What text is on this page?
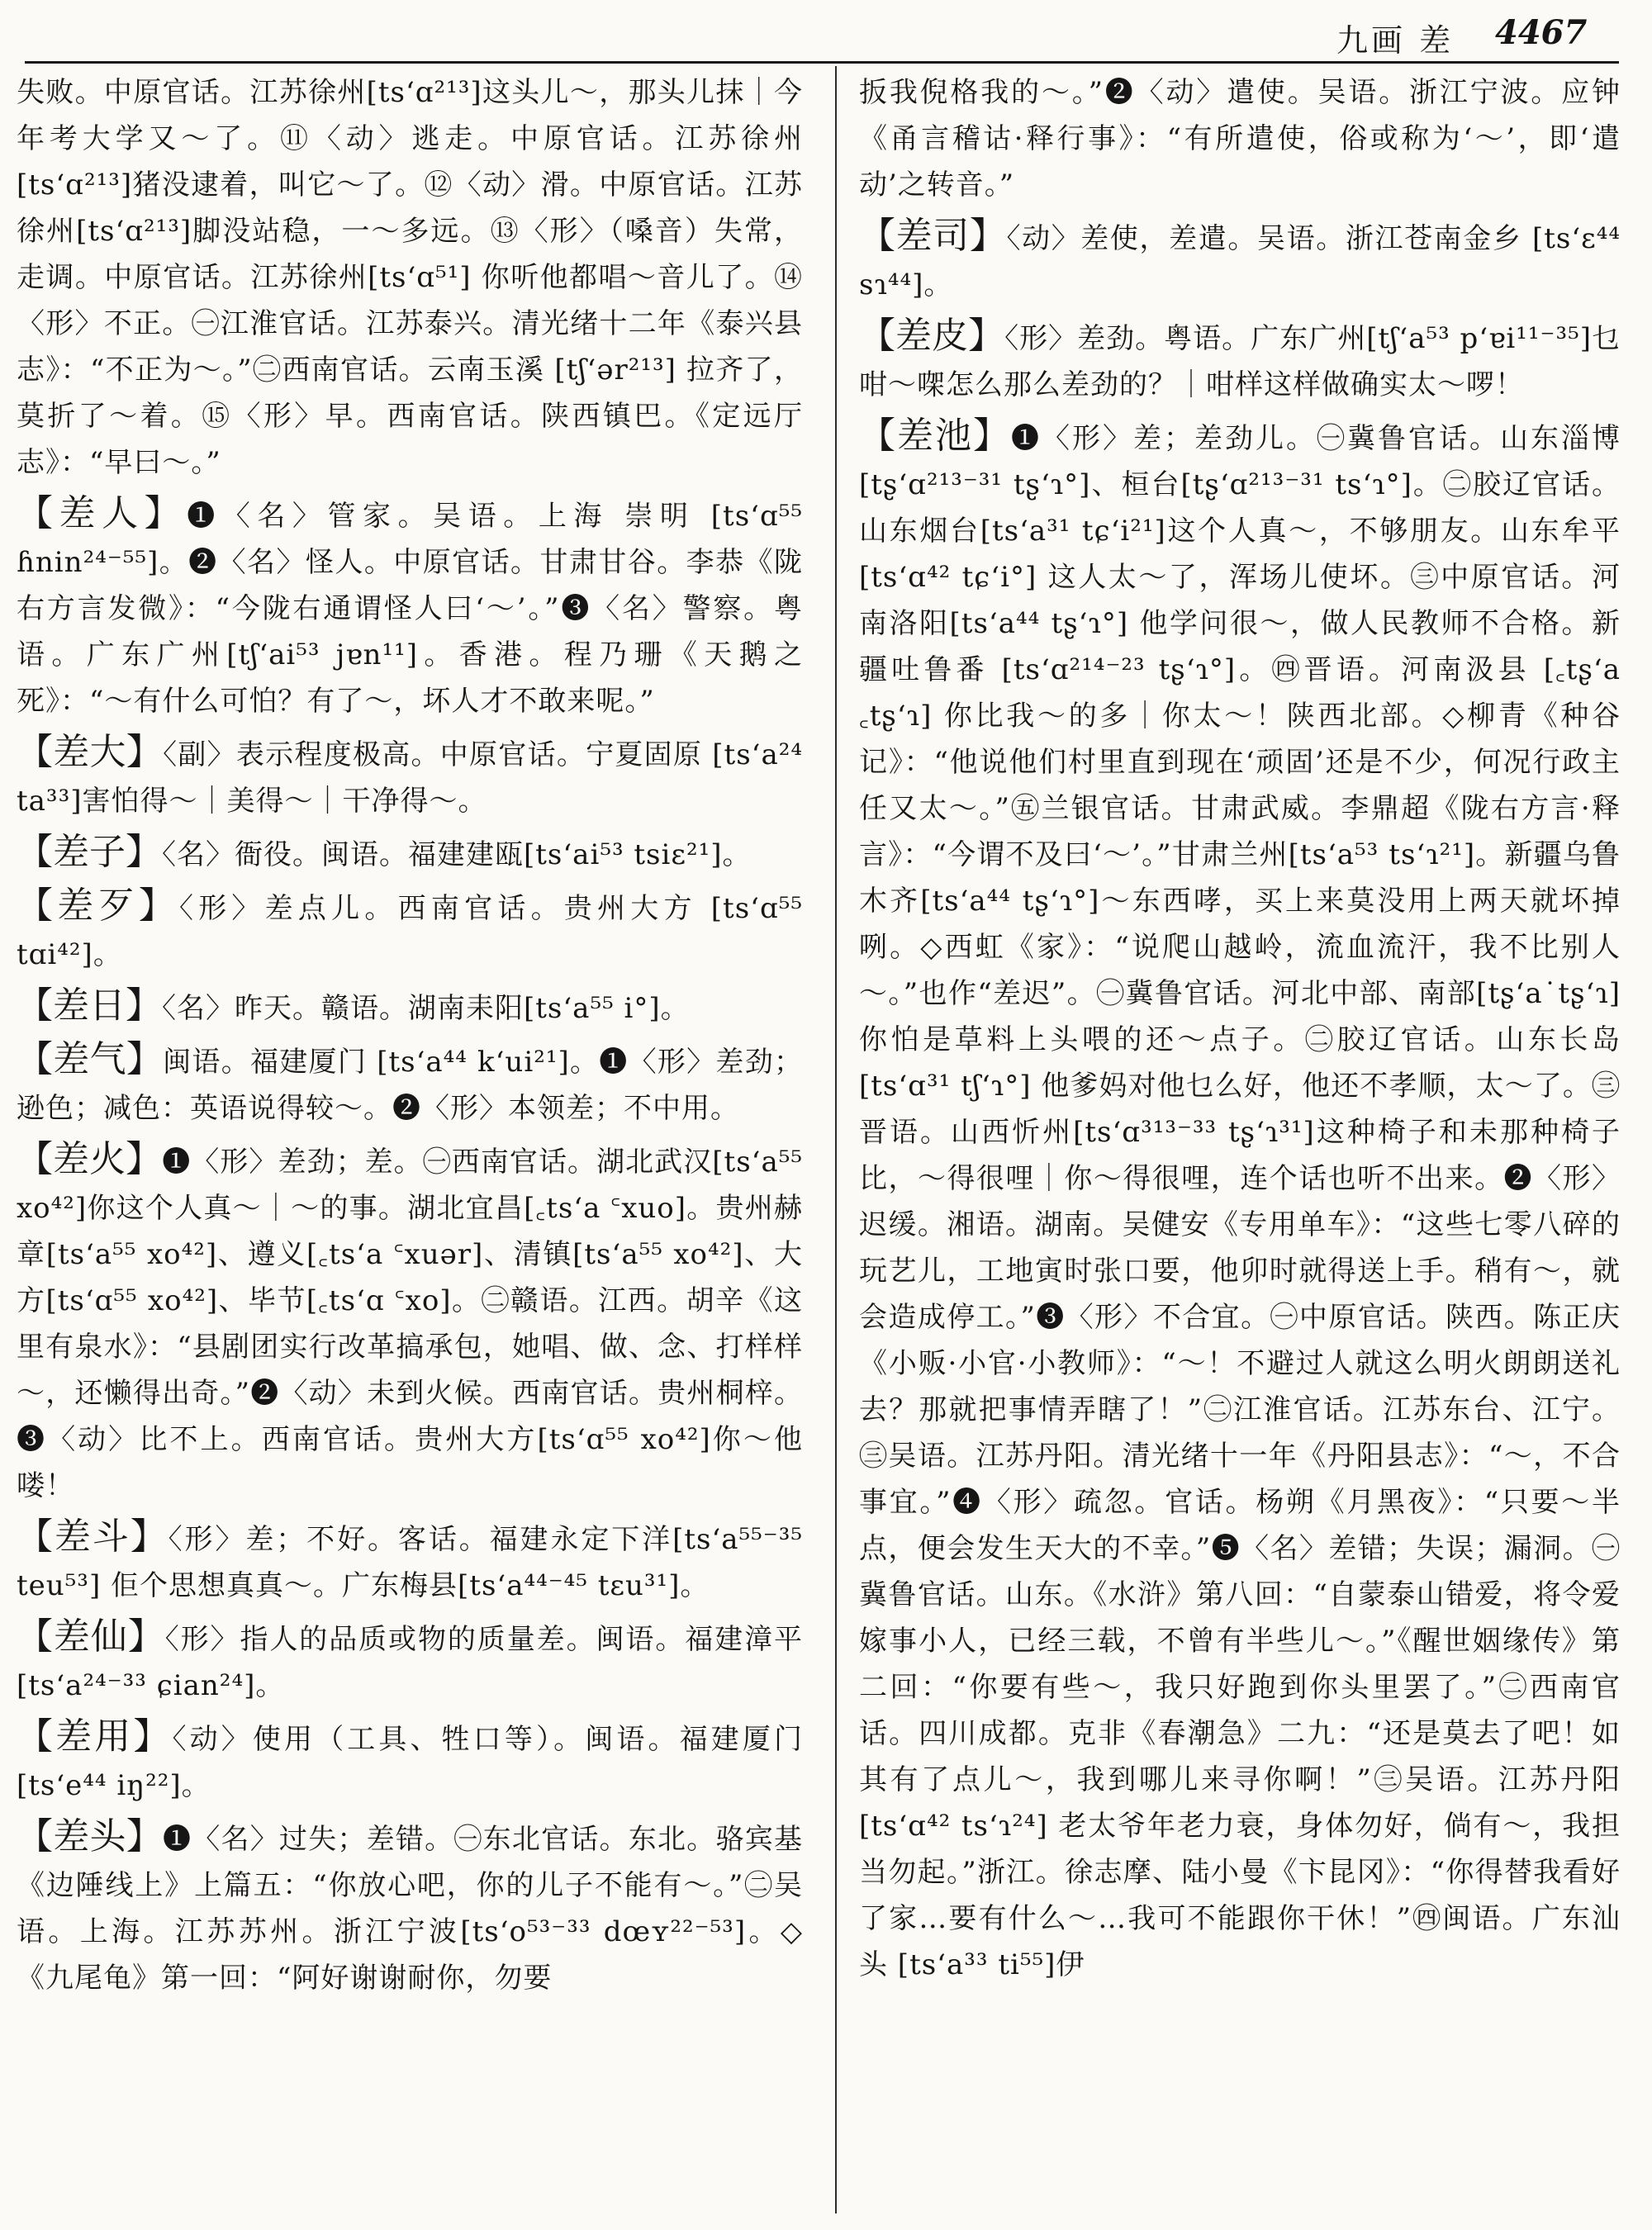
九画 差 4467

失败。中原官话。江苏徐州[tsʻɑ²¹³]这头儿～，那头儿抹｜今年考大学又～了。⑪〈动〉逃走。中原官话。江苏徐州[tsʻɑ²¹³]猪没逮着，叫它～了。⑫〈动〉滑。中原官话。江苏徐州[tsʻɑ²¹³]脚没站稳，一～多远。⑬〈形〉（嗓音）失常，走调。中原官话。江苏徐州[tsʻɑ⁵¹] 你听他都唱～音儿了。⑭〈形〉不正。㊀江淮官话。江苏泰兴。清光绪十二年《泰兴县志》：“不正为～。”㊁西南官话。云南玉溪 [tʃʻər²¹³] 拉齐了，莫折了～着。⑮〈形〉早。西南官话。陕西镇巴。《定远厅志》：“早曰～。”

【差人】❶〈名〉管家。吴语。上海 崇明 [tsʻɑ⁵⁵ ɦnin²⁴⁻⁵⁵]。❷〈名〉怪人。中原官话。甘肃甘谷。李恭《陇右方言发微》：“今陇右通谓怪人曰‘～’。”❸〈名〉警察。粤语。广东广州[tʃʻai⁵³ jɐn¹¹]。香港。程乃珊《天鹅之死》：“～有什么可怕？有了～，坏人才不敢来呢。”

【差大】〈副〉表示程度极高。中原官话。宁夏固原 [tsʻa²⁴ ta³³]害怕得～｜美得～｜干净得～。

【差子】〈名〉衙役。闽语。福建建瓯[tsʻai⁵³ tsiɛ²¹]。

【差歹】〈形〉差点儿。西南官话。贵州大方 [tsʻɑ⁵⁵ tɑi⁴²]。

【差日】〈名〉昨天。赣语。湖南耒阳[tsʻa⁵⁵ i°]。

【差气】闽语。福建厦门 [tsʻa⁴⁴ kʻui²¹]。❶〈形〉差劲；逊色；减色：英语说得较～。❷〈形〉本领差；不中用。

【差火】❶〈形〉差劲；差。㊀西南官话。湖北武汉[tsʻa⁵⁵ xo⁴²]你这个人真～｜～的事。湖北宜昌[꜀tsʻa ꜂xuo]。贵州赫章[tsʻa⁵⁵ xo⁴²]、遵义[꜀tsʻa ꜂xuər]、清镇[tsʻa⁵⁵ xo⁴²]、大方[tsʻɑ⁵⁵ xo⁴²]、毕节[꜀tsʻɑ ꜂xo]。㊁赣语。江西。胡辛《这里有泉水》：“县剧团实行改革搞承包，她唱、做、念、打样样～，还懒得出奇。”❷〈动〉未到火候。西南官话。贵州桐梓。❸〈动〉比不上。西南官话。贵州大方[tsʻɑ⁵⁵ xo⁴²]你～他喽！

【差斗】〈形〉差；不好。客话。福建永定下洋[tsʻa⁵⁵⁻³⁵ teu⁵³] 佢个思想真真～。广东梅县[tsʻa⁴⁴⁻⁴⁵ tɛu³¹]。

【差仙】〈形〉指人的品质或物的质量差。闽语。福建漳平[tsʻa²⁴⁻³³ ɕian²⁴]。

【差用】〈动〉使用（工具、牲口等）。闽语。福建厦门 [tsʻe⁴⁴ iŋ²²]。

【差头】❶〈名〉过失；差错。㊀东北官话。东北。骆宾基《边陲线上》上篇五：“你放心吧，你的儿子不能有～。”㊁吴语。上海。江苏苏州。浙江宁波[tsʻo⁵³⁻³³ dœʏ²²⁻⁵³]。◇《九尾龟》第一回：“阿好谢谢耐你，勿要

扳我倪格我的～。”❷〈动〉遣使。吴语。浙江宁波。应钟《甬言稽诂·释行事》：“有所遣使，俗或称为‘～’，即‘遣动’之转音。”

【差司】〈动〉差使，差遣。吴语。浙江苍南金乡 [tsʻɛ⁴⁴ sɿ⁴⁴]。

【差皮】〈形〉差劲。粤语。广东广州[tʃʻa⁵³ pʻɐi¹¹⁻³⁵]乜咁～㗎怎么那么差劲的？｜咁样这样做确实太～啰！

【差池】❶〈形〉差；差劲儿。㊀冀鲁官话。山东淄博[tʂʻɑ²¹³⁻³¹ tʂʻɿ°]、桓台[tʂʻɑ²¹³⁻³¹ tsʻɿ°]。㊁胶辽官话。山东烟台[tsʻa³¹ tɕʻi²¹]这个人真～，不够朋友。山东牟平[tsʻɑ⁴² tɕʻi°] 这人太～了，浑场儿使坏。㊂中原官话。河南洛阳[tsʻa⁴⁴ tʂʻɿ°] 他学问很～，做人民教师不合格。新疆吐鲁番 [tsʻɑ²¹⁴⁻²³ tʂʻɿ°]。㊃晋语。河南汲县 [꜀tʂʻa ꜀tʂʻɿ] 你比我～的多｜你太～！陕西北部。◇柳青《种谷记》：“他说他们村里直到现在‘顽固’还是不少，何况行政主任又太～。”㊄兰银官话。甘肃武威。李鼎超《陇右方言·释言》：“今谓不及曰‘～’。”甘肃兰州[tsʻa⁵³ tsʻɿ²¹]。新疆乌鲁木齐[tsʻa⁴⁴ tʂʻɿ°]～东西哮，买上来莫没用上两天就坏掉咧。◇西虹《家》：“说爬山越岭，流血流汗，我不比别人～。”也作“差迟”。㊀冀鲁官话。河北中部、南部[tʂʻa˙tʂʻɿ]你怕是草料上头喂的还～点子。㊁胶辽官话。山东长岛[tsʻɑ³¹ tʃʻɿ°] 他爹妈对他乜么好，他还不孝顺，太～了。㊂晋语。山西忻州[tsʻɑ³¹³⁻³³ tʂʻɿ³¹]这种椅子和未那种椅子比，～得很哩｜你～得很哩，连个话也听不出来。❷〈形〉迟缓。湘语。湖南。吴健安《专用单车》：“这些七零八碎的玩艺儿，工地寅时张口要，他卯时就得送上手。稍有～，就会造成停工。”❸〈形〉不合宜。㊀中原官话。陕西。陈正庆《小贩·小官·小教师》：“～！不避过人就这么明火朗朗送礼去？那就把事情弄瞎了！”㊁江淮官话。江苏东台、江宁。㊂吴语。江苏丹阳。清光绪十一年《丹阳县志》：“～，不合事宜。”❹〈形〉疏忽。官话。杨朔《月黑夜》：“只要～半点，便会发生天大的不幸。”❺〈名〉差错；失误；漏洞。㊀冀鲁官话。山东。《水浒》第八回：“自蒙泰山错爱，将令爱嫁事小人，已经三载，不曾有半些儿～。”《醒世姻缘传》第二回：“你要有些～，我只好跑到你头里罢了。”㊁西南官话。四川成都。克非《春潮急》二九：“还是莫去了吧！如其有了点儿～，我到哪儿来寻你啊！”㊂吴语。江苏丹阳[tsʻɑ⁴² tsʻɿ²⁴] 老太爷年老力衰，身体勿好，倘有～，我担当勿起。”浙江。徐志摩、陆小曼《卞昆冈》：“你得替我看好了家…要有什么～…我可不能跟你干休！”㊃闽语。广东汕头 [tsʻa³³ ti⁵⁵]伊
